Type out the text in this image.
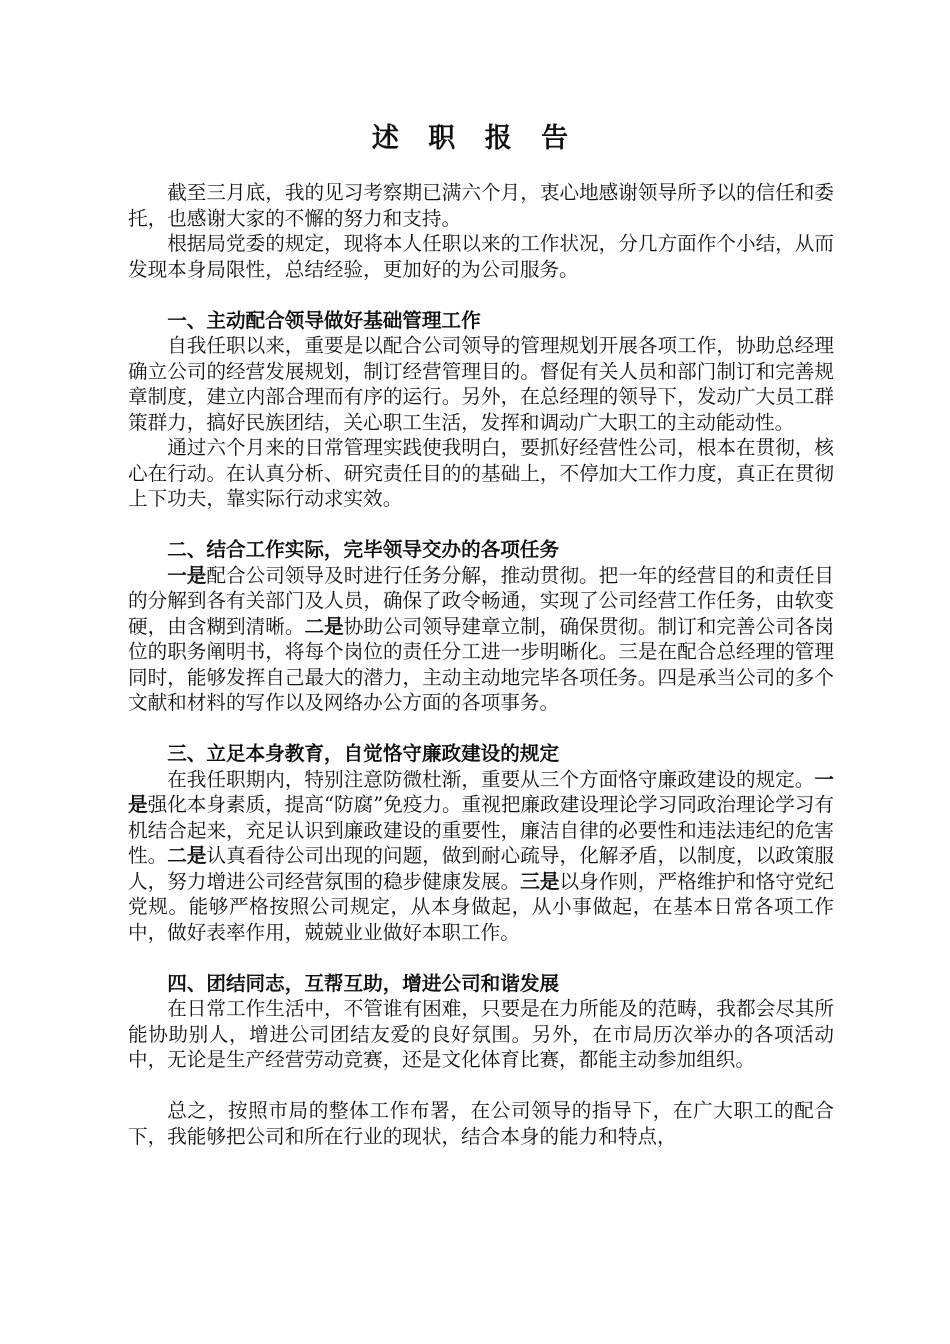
述 职 报 告

截至三月底，我的见习考察期已满六个月，衷心地感谢领导所予以的信任和委托，也感谢大家的不懈的努力和支持。

根据局党委的规定，现将本人任职以来的工作状况，分几方面作个小结，从而发现本身局限性，总结经验，更加好的为公司服务。

一、主动配合领导做好基础管理工作

自我任职以来，重要是以配合公司领导的管理规划开展各项工作，协助总经理确立公司的经营发展规划，制订经营管理目的。督促有关人员和部门制订和完善规章制度，建立内部合理而有序的运行。另外，在总经理的领导下，发动广大员工群策群力，搞好民族团结，关心职工生活，发挥和调动广大职工的主动能动性。

通过六个月来的日常管理实践使我明白，要抓好经营性公司，根本在贯彻，核心在行动。在认真分析、研究责任目的的基础上，不停加大工作力度，真正在贯彻上下功夫，靠实际行动求实效。

二、结合工作实际，完毕领导交办的各项任务

一是配合公司领导及时进行任务分解，推动贯彻。把一年的经营目的和责任目的分解到各有关部门及人员，确保了政令畅通，实现了公司经营工作任务，由软变硬，由含糊到清晰。二是协助公司领导建章立制，确保贯彻。制订和完善公司各岗位的职务阐明书，将每个岗位的责任分工进一步明晰化。三是在配合总经理的管理同时，能够发挥自己最大的潜力，主动主动地完毕各项任务。四是承当公司的多个文献和材料的写作以及网络办公方面的各项事务。

三、立足本身教育，自觉恪守廉政建设的规定

在我任职期内，特别注意防微杜渐，重要从三个方面恪守廉政建设的规定。一是强化本身素质，提高“防腐”免疫力。重视把廉政建设理论学习同政治理论学习有机结合起来，充足认识到廉政建设的重要性，廉洁自律的必要性和违法违纪的危害性。二是认真看待公司出现的问题，做到耐心疏导，化解矛盾，以制度，以政策服人，努力增进公司经营氛围的稳步健康发展。三是以身作则，严格维护和恪守党纪党规。能够严格按照公司规定，从本身做起，从小事做起，在基本日常各项工作中，做好表率作用，兢兢业业做好本职工作。

四、团结同志，互帮互助，增进公司和谐发展

在日常工作生活中，不管谁有困难，只要是在力所能及的范畴，我都会尽其所能协助别人，增进公司团结友爱的良好氛围。另外，在市局历次举办的各项活动中，无论是生产经营劳动竞赛，还是文化体育比赛，都能主动参加组织。

总之，按照市局的整体工作布署，在公司领导的指导下，在广大职工的配合下，我能够把公司和所在行业的现状，结合本身的能力和特点，
